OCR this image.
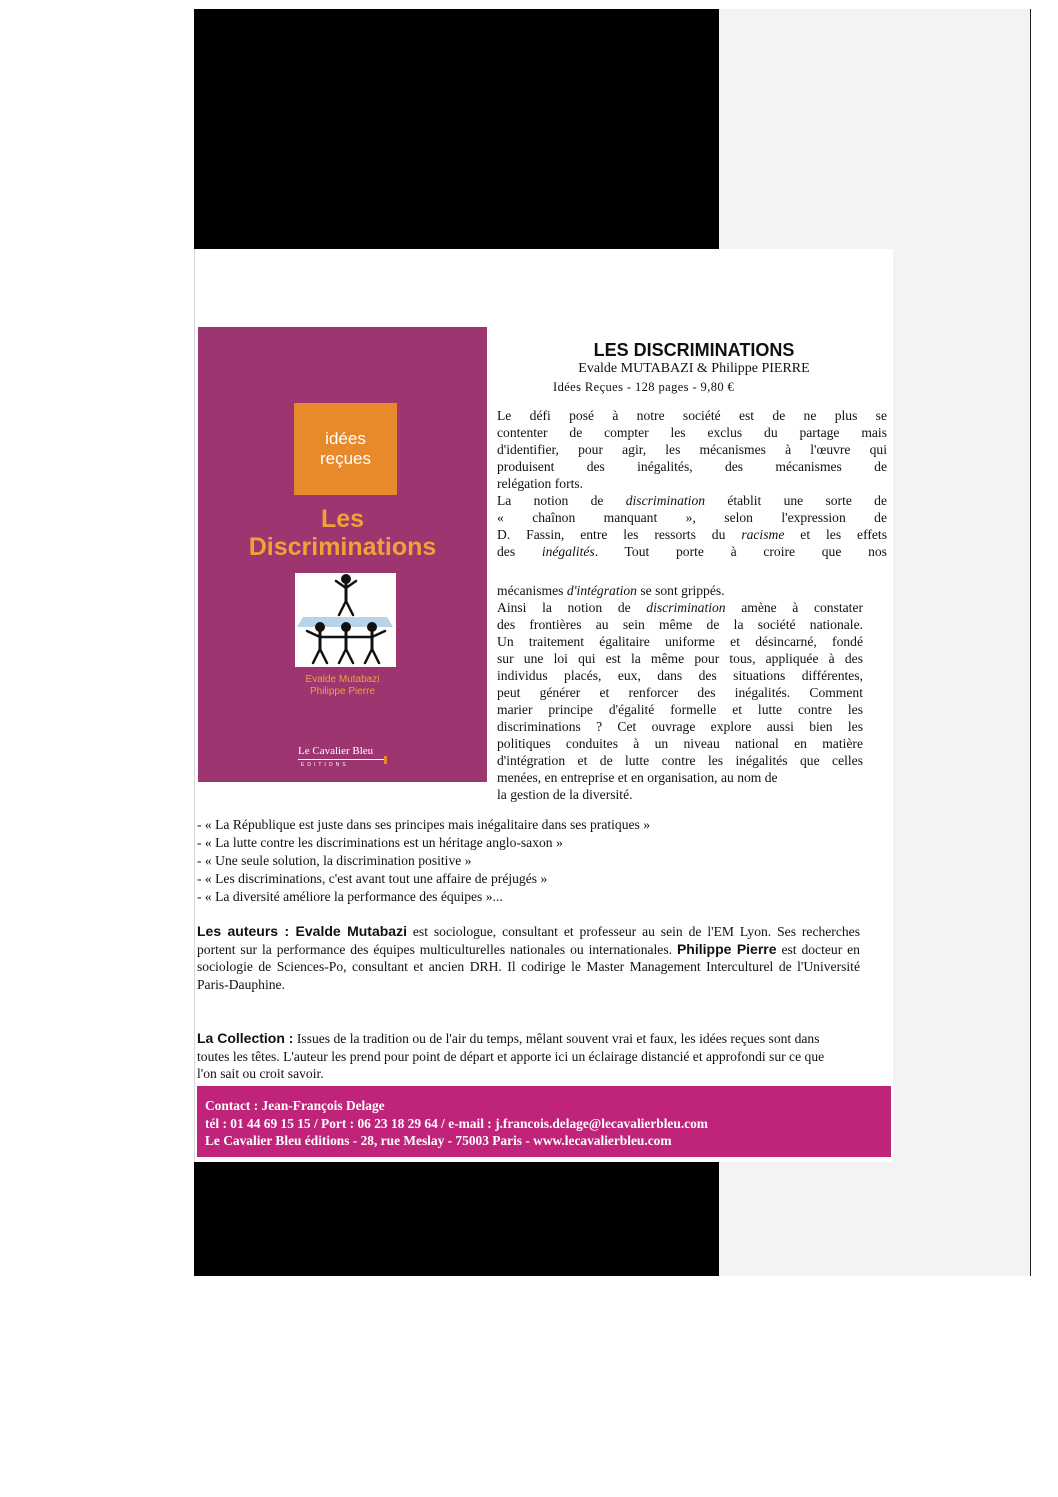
idées
reçues
Les
Discriminations
Evalde Mutabazi
Philippe Pierre
Le Cavalier Bleu
EDITIONS
LES DISCRIMINATIONS
Evalde MUTABAZI & Philippe PIERRE
Idées Reçues - 128 pages - 9,80 €
Le défi posé à notre société est de ne plus se
contenter de compter les exclus du partage mais
d'identifier, pour agir, les mécanismes à l'œuvre qui
produisent des inégalités, des mécanismes de
relégation forts.
La notion de discrimination établit une sorte de
« chaînon manquant », selon l'expression de
D. Fassin, entre les ressorts du racisme et les effets
des inégalités. Tout porte à croire que nos
mécanismes d'intégration se sont grippés.
Ainsi la notion de discrimination amène à constater
des frontières au sein même de la société nationale.
Un traitement égalitaire uniforme et désincarné, fondé
sur une loi qui est la même pour tous, appliquée à des
individus placés, eux, dans des situations différentes,
peut générer et renforcer des inégalités. Comment
marier principe d'égalité formelle et lutte contre les
discriminations ? Cet ouvrage explore aussi bien les
politiques conduites à un niveau national en matière
d'intégration et de lutte contre les inégalités que celles
menées, en entreprise et en organisation, au nom de
la gestion de la diversité.
- « La République est juste dans ses principes mais inégalitaire dans ses pratiques »
- « La lutte contre les discriminations est un héritage anglo-saxon »
- « Une seule solution, la discrimination positive »
- « Les discriminations, c'est avant tout une affaire de préjugés »
- « La diversité améliore la performance des équipes »...
Les auteurs : Evalde Mutabazi est sociologue, consultant et professeur au sein de l'EM Lyon. Ses recherches portent sur la performance des équipes multiculturelles nationales ou internationales. Philippe Pierre est docteur en sociologie de Sciences-Po, consultant et ancien DRH. Il codirige le Master Management Interculturel de l'Université Paris-Dauphine.
La Collection : Issues de la tradition ou de l'air du temps, mêlant souvent vrai et faux, les idées reçues sont dans toutes les têtes. L'auteur les prend pour point de départ et apporte ici un éclairage distancié et approfondi sur ce que l'on sait ou croit savoir.
Contact : Jean-François Delage
tél : 01 44 69 15 15 / Port : 06 23 18 29 64 / e-mail : j.francois.delage@lecavalierbleu.com
Le Cavalier Bleu éditions - 28, rue Meslay - 75003 Paris - www.lecavalierbleu.com
